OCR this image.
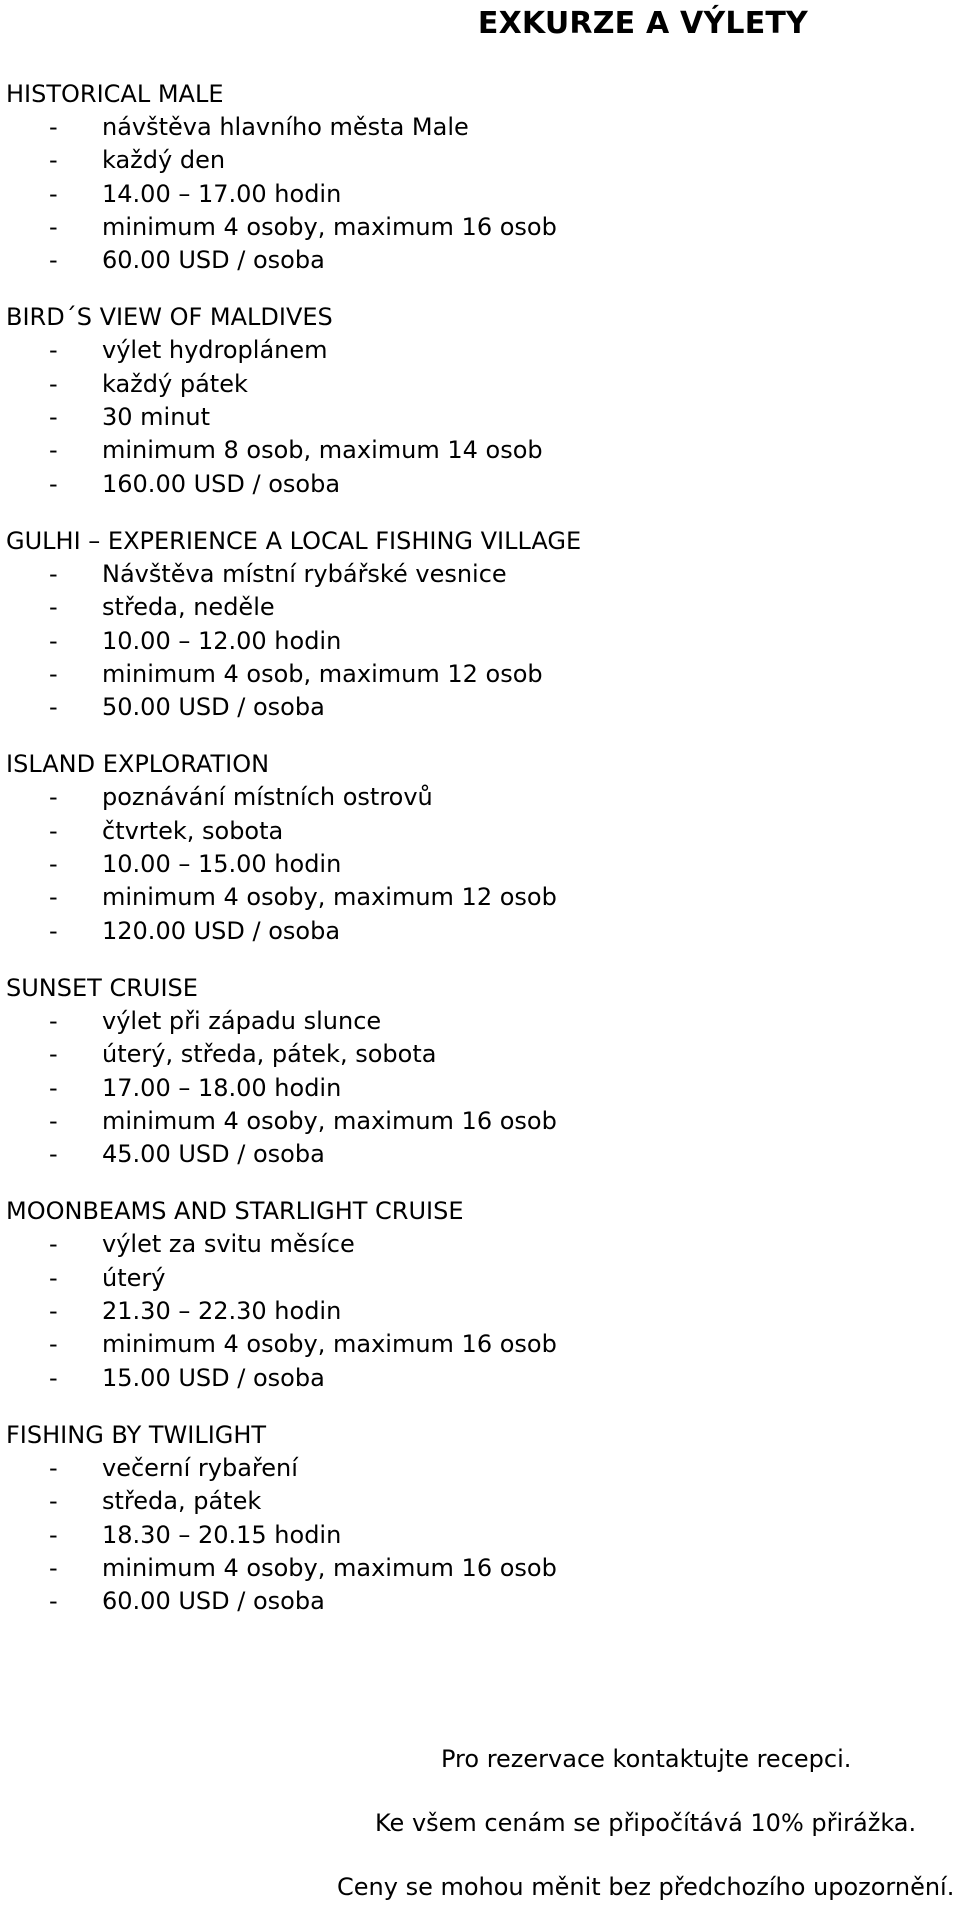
EXKURZE A VÝLETY
HISTORICAL MALE
- návštěva hlavního města Male
- každý den
- 14.00 – 17.00 hodin
- minimum 4 osoby, maximum 16 osob
- 60.00 USD / osoba
BIRD´S VIEW OF MALDIVES
- výlet hydroplánem
- každý pátek
- 30 minut
- minimum 8 osob, maximum 14 osob
- 160.00 USD / osoba
GULHI – EXPERIENCE A LOCAL FISHING VILLAGE
- Návštěva místní rybářské vesnice
- středa, neděle
- 10.00 – 12.00 hodin
- minimum 4 osob, maximum 12 osob
- 50.00 USD / osoba
ISLAND EXPLORATION
- poznávání místních ostrovů
- čtvrtek, sobota
- 10.00 – 15.00 hodin
- minimum 4 osoby, maximum 12 osob
- 120.00 USD / osoba
SUNSET CRUISE
- výlet při západu slunce
- úterý, středa, pátek, sobota
- 17.00 – 18.00 hodin
- minimum 4 osoby, maximum 16 osob
- 45.00 USD / osoba
MOONBEAMS AND STARLIGHT CRUISE
- výlet za svitu měsíce
- úterý
- 21.30 – 22.30 hodin
- minimum 4 osoby, maximum 16 osob
- 15.00 USD / osoba
FISHING BY TWILIGHT
- večerní rybaření
- středa, pátek
- 18.30 – 20.15 hodin
- minimum 4 osoby, maximum 16 osob
- 60.00 USD / osoba

Pro rezervace kontaktujte recepci.

Ke všem cenám se připočítává 10% přirážka.

Ceny se mohou měnit bez předchozího upozornění.
